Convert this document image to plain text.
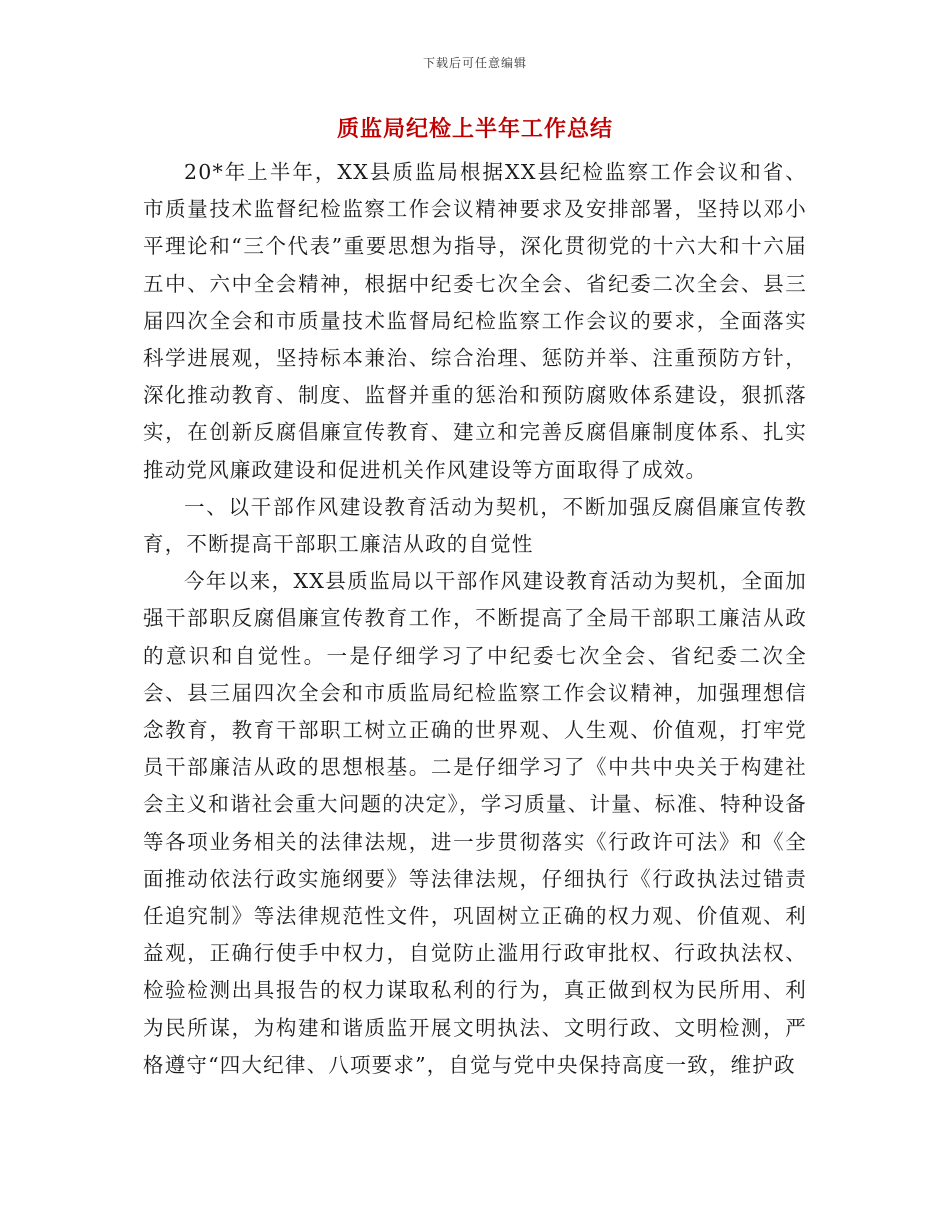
下载后可任意编辑
质监局纪检上半年工作总结

20*年上半年，XX县质监局根据XX县纪检监察工作会议和省、市质量技术监督纪检监察工作会议精神要求及安排部署，坚持以邓小平理论和“三个代表”重要思想为指导，深化贯彻党的十六大和十六届五中、六中全会精神，根据中纪委七次全会、省纪委二次全会、县三届四次全会和市质量技术监督局纪检监察工作会议的要求，全面落实科学进展观，坚持标本兼治、综合治理、惩防并举、注重预防方针，深化推动教育、制度、监督并重的惩治和预防腐败体系建设，狠抓落实，在创新反腐倡廉宣传教育、建立和完善反腐倡廉制度体系、扎实推动党风廉政建设和促进机关作风建设等方面取得了成效。

一、以干部作风建设教育活动为契机，不断加强反腐倡廉宣传教育，不断提高干部职工廉洁从政的自觉性

今年以来，XX县质监局以干部作风建设教育活动为契机，全面加强干部职反腐倡廉宣传教育工作，不断提高了全局干部职工廉洁从政的意识和自觉性。一是仔细学习了中纪委七次全会、省纪委二次全会、县三届四次全会和市质监局纪检监察工作会议精神，加强理想信念教育，教育干部职工树立正确的世界观、人生观、价值观，打牢党员干部廉洁从政的思想根基。二是仔细学习了《中共中央关于构建社会主义和谐社会重大问题的决定》，学习质量、计量、标准、特种设备等各项业务相关的法律法规，进一步贯彻落实《行政许可法》和《全面推动依法行政实施纲要》等法律法规，仔细执行《行政执法过错责任追究制》等法律规范性文件，巩固树立正确的权力观、价值观、利益观，正确行使手中权力，自觉防止滥用行政审批权、行政执法权、检验检测出具报告的权力谋取私利的行为，真正做到权为民所用、利为民所谋，为构建和谐质监开展文明执法、文明行政、文明检测，严格遵守“四大纪律、八项要求”，自觉与党中央保持高度一致，维护政
